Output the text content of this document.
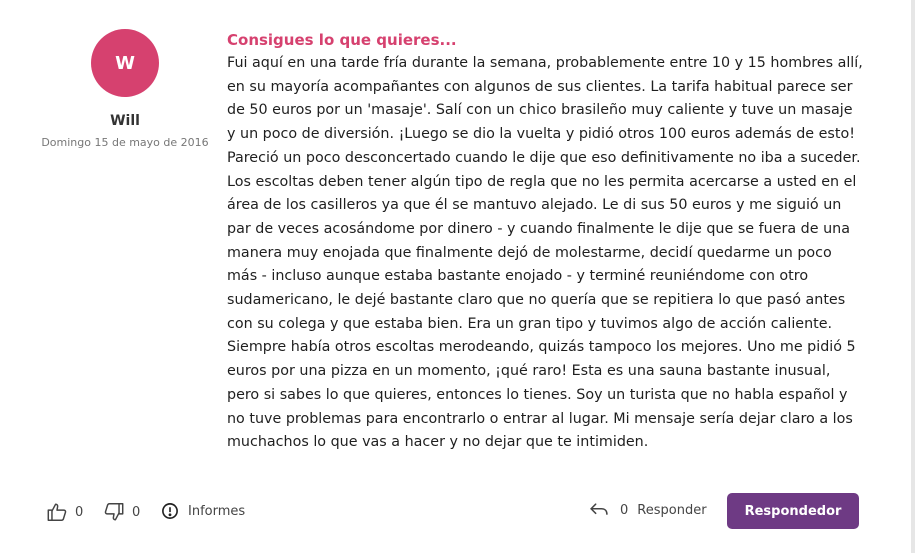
W
Will
Domingo 15 de mayo de 2016
Consigues lo que quieres...
Fui aquí en una tarde fría durante la semana, probablemente entre 10 y 15 hombres allí, en su mayoría acompañantes con algunos de sus clientes. La tarifa habitual parece ser de 50 euros por un 'masaje'. Salí con un chico brasileño muy caliente y tuve un masaje y un poco de diversión. ¡Luego se dio la vuelta y pidió otros 100 euros además de esto! Pareció un poco desconcertado cuando le dije que eso definitivamente no iba a suceder. Los escoltas deben tener algún tipo de regla que no les permita acercarse a usted en el área de los casilleros ya que él se mantuvo alejado. Le di sus 50 euros y me siguió un par de veces acosándome por dinero - y cuando finalmente le dije que se fuera de una manera muy enojada que finalmente dejó de molestarme, decidí quedarme un poco más - incluso aunque estaba bastante enojado - y terminé reuniéndome con otro sudamericano, le dejé bastante claro que no quería que se repitiera lo que pasó antes con su colega y que estaba bien. Era un gran tipo y tuvimos algo de acción caliente. Siempre había otros escoltas merodeando, quizás tampoco los mejores. Uno me pidió 5 euros por una pizza en un momento, ¡qué raro! Esta es una sauna bastante inusual, pero si sabes lo que quieres, entonces lo tienes. Soy un turista que no habla español y no tuve problemas para encontrarlo o entrar al lugar. Mi mensaje sería dejar claro a los muchachos lo que vas a hacer y no dejar que te intimiden.
0	0	Informes	0 Responder	Respondedor
